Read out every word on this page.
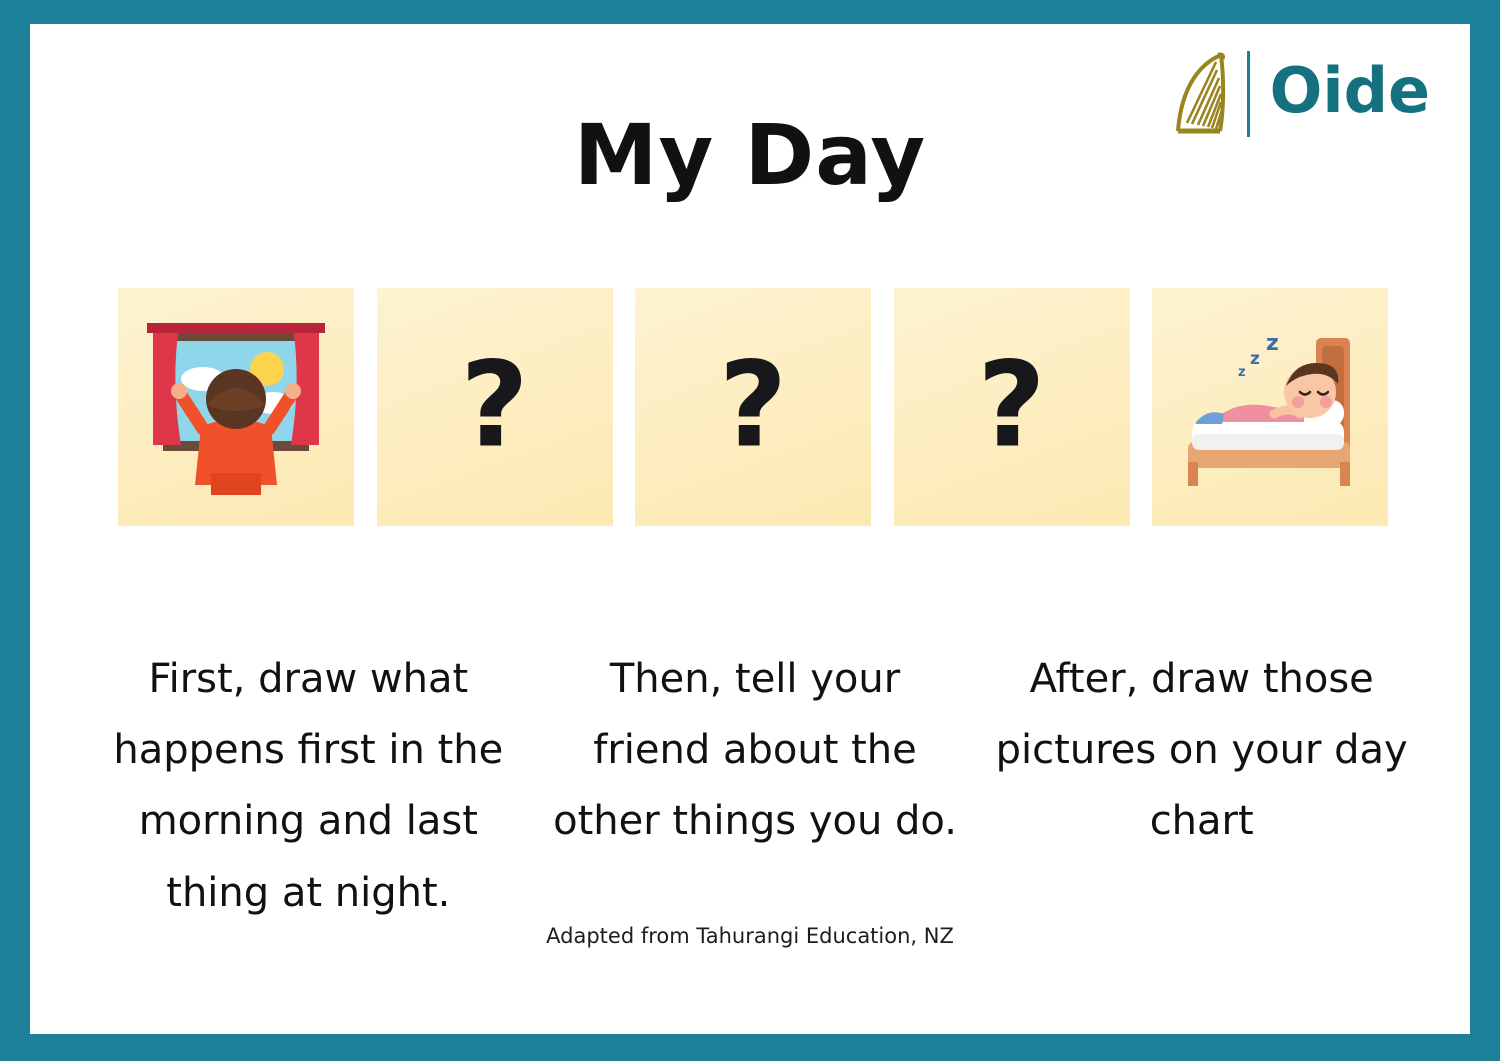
Oide
My Day
?	?	?	z
z
z
First, draw what happens first in the morning and last thing at night.
Then, tell your friend about the other things you do.
After, draw those pictures on your day chart
Adapted from Tahurangi Education, NZ
